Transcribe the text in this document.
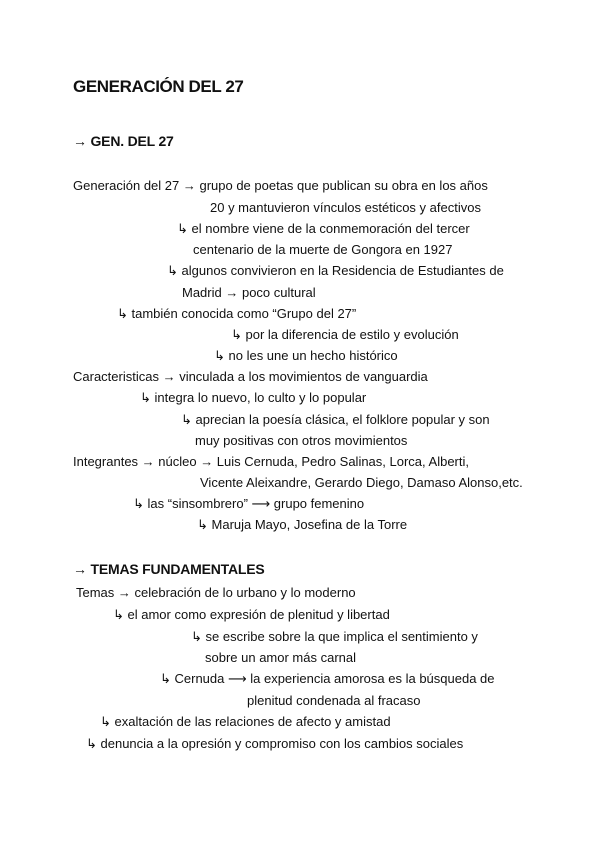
GENERACIÓN DEL 27
→ GEN. DEL 27
Generación del 27 → grupo de poetas que publican su obra en los años
20 y mantuvieron vínculos estéticos y afectivos
↳ el nombre viene de la conmemoración del tercer
centenario de la muerte de Gongora en 1927
↳ algunos convivieron en la Residencia de Estudiantes de
Madrid → poco cultural
↳ también conocida como “Grupo del 27”
↳ por la diferencia de estilo y evolución
↳ no les une un hecho histórico
Caracteristicas → vinculada a los movimientos de vanguardia
↳ integra lo nuevo, lo culto y lo popular
↳ aprecian la poesía clásica, el folklore popular y son
muy positivas con otros movimientos
Integrantes → núcleo → Luis Cernuda, Pedro Salinas, Lorca, Alberti,
Vicente Aleixandre, Gerardo Diego, Damaso Alonso,etc.
↳ las “sinsombrero” ⟶ grupo femenino
↳ Maruja Mayo, Josefina de la Torre
→ TEMAS FUNDAMENTALES
Temas → celebración de lo urbano y lo moderno
↳ el amor como expresión de plenitud y libertad
↳ se escribe sobre la que implica el sentimiento y
sobre un amor más carnal
↳ Cernuda ⟶ la experiencia amorosa es la búsqueda de
plenitud condenada al fracaso
↳ exaltación de las relaciones de afecto y amistad
↳ denuncia a la opresión y compromiso con los cambios sociales
